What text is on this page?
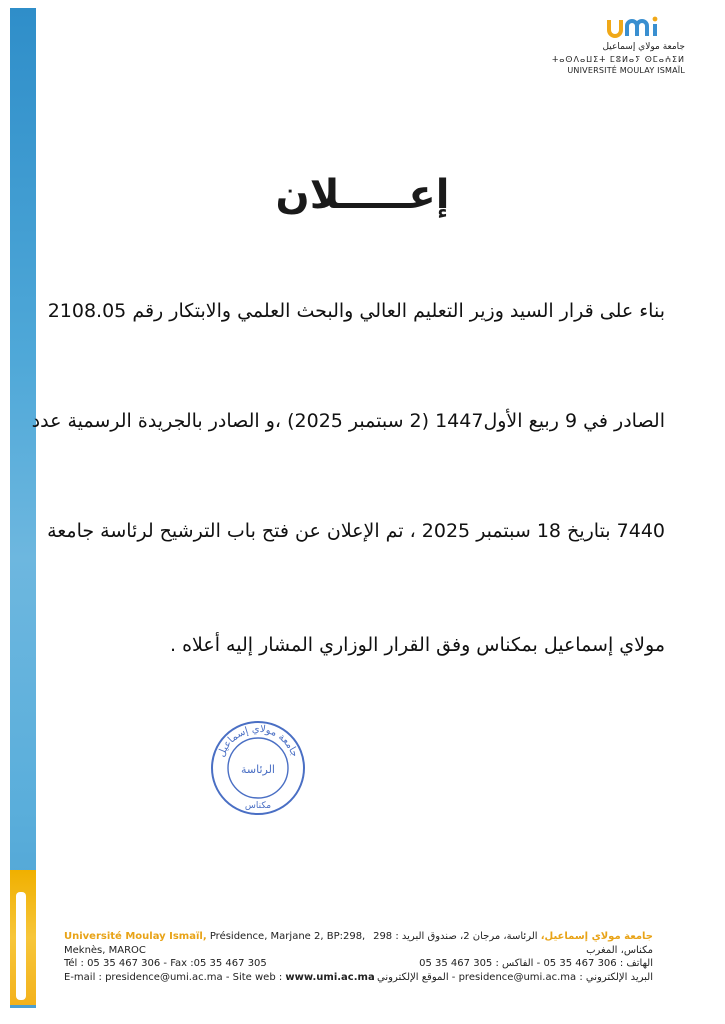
umi
جامعة مولاي إسماعيل
ⵜⴰⵙⴷⴰⵡⵉⵜ ⵎⵓⵍⴰⵢ ⵙⵎⴰⵄⵉⵍ
UNIVERSITÉ MOULAY ISMAÏL
إعـــــلان
بناء على قرار السيد وزير التعليم العالي والبحث العلمي والابتكار رقم 2108.05
الصادر في 9 ربيع الأول1447 (2 سبتمبر 2025) ،و الصادر بالجريدة الرسمية عدد
7440 بتاريخ 18 سبتمبر 2025 ، تم الإعلان عن فتح باب الترشيح لرئاسة جامعة
مولاي إسماعيل بمكناس وفق القرار الوزاري المشار إليه أعلاه .
جامعة مولاي إسماعيل
الرئاسة
مكناس
Université Moulay Ismaïl, Présidence, Marjane 2, BP:298,
Meknès, MAROC
Tél : 05 35 467 306 - Fax :05 35 467 305
E-mail : presidence@umi.ac.ma - Site web : www.umi.ac.ma
جامعة مولاي إسماعيل، الرئاسة، مرجان 2، صندوق البريد : 298
مكناس، المغرب
الهاتف : 306 467 35 05 - الفاكس : 305 467 35 05
البريد الإلكتروني : presidence@umi.ac.ma - الموقع الإلكتروني :
